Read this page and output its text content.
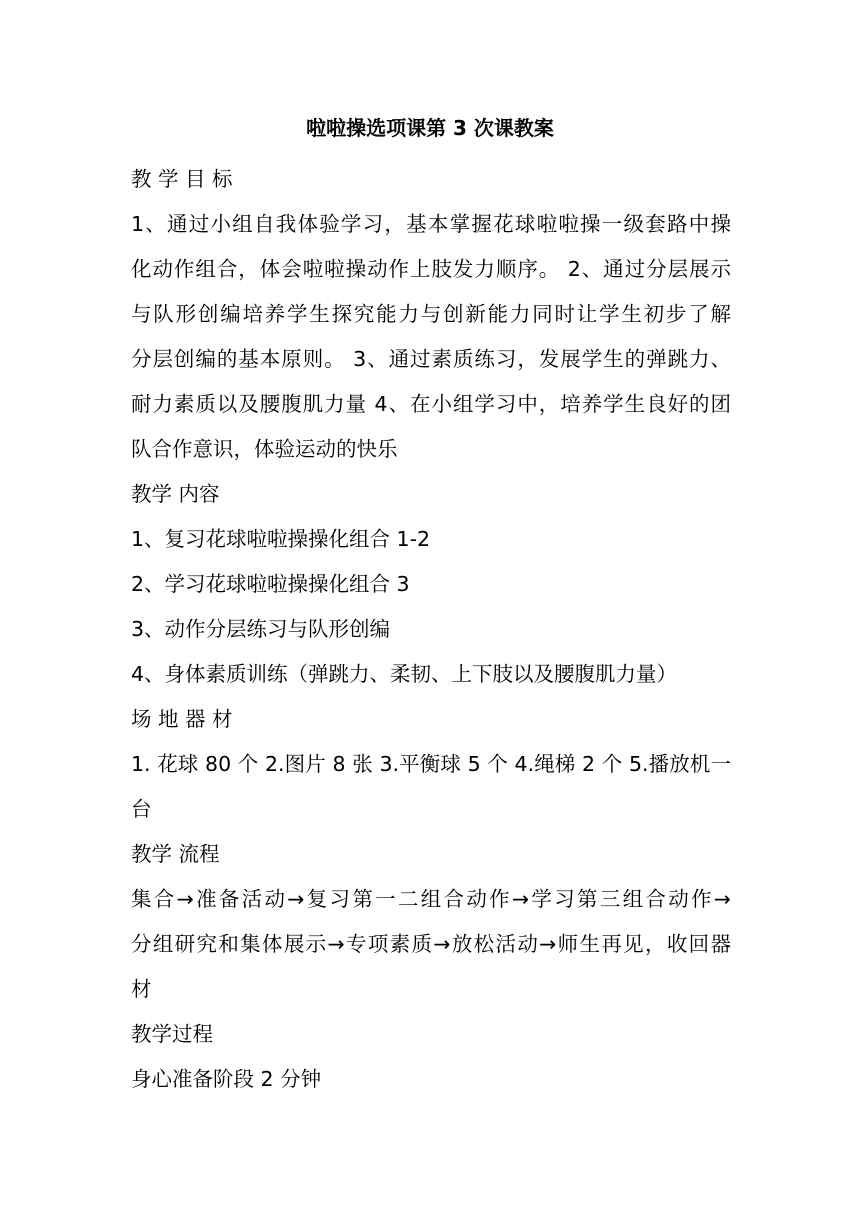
啦啦操选项课第 3 次课教案
教 学 目 标
1、通过小组自我体验学习，基本掌握花球啦啦操一级套路中操
化动作组合，体会啦啦操动作上肢发力顺序。 2、通过分层展示
与队形创编培养学生探究能力与创新能力同时让学生初步了解
分层创编的基本原则。 3、通过素质练习，发展学生的弹跳力、
耐力素质以及腰腹肌力量 4、在小组学习中，培养学生良好的团
队合作意识，体验运动的快乐
教学 内容
1、复习花球啦啦操操化组合 1-2
2、学习花球啦啦操操化组合 3
3、动作分层练习与队形创编
4、身体素质训练（弹跳力、柔韧、上下肢以及腰腹肌力量）
场 地 器 材
1. 花球 80 个 2.图片 8 张 3.平衡球 5 个 4.绳梯 2 个 5.播放机一
台
教学 流程
集合→准备活动→复习第一二组合动作→学习第三组合动作→
分组研究和集体展示→专项素质→放松活动→师生再见，收回器
材
教学过程
身心准备阶段 2 分钟
